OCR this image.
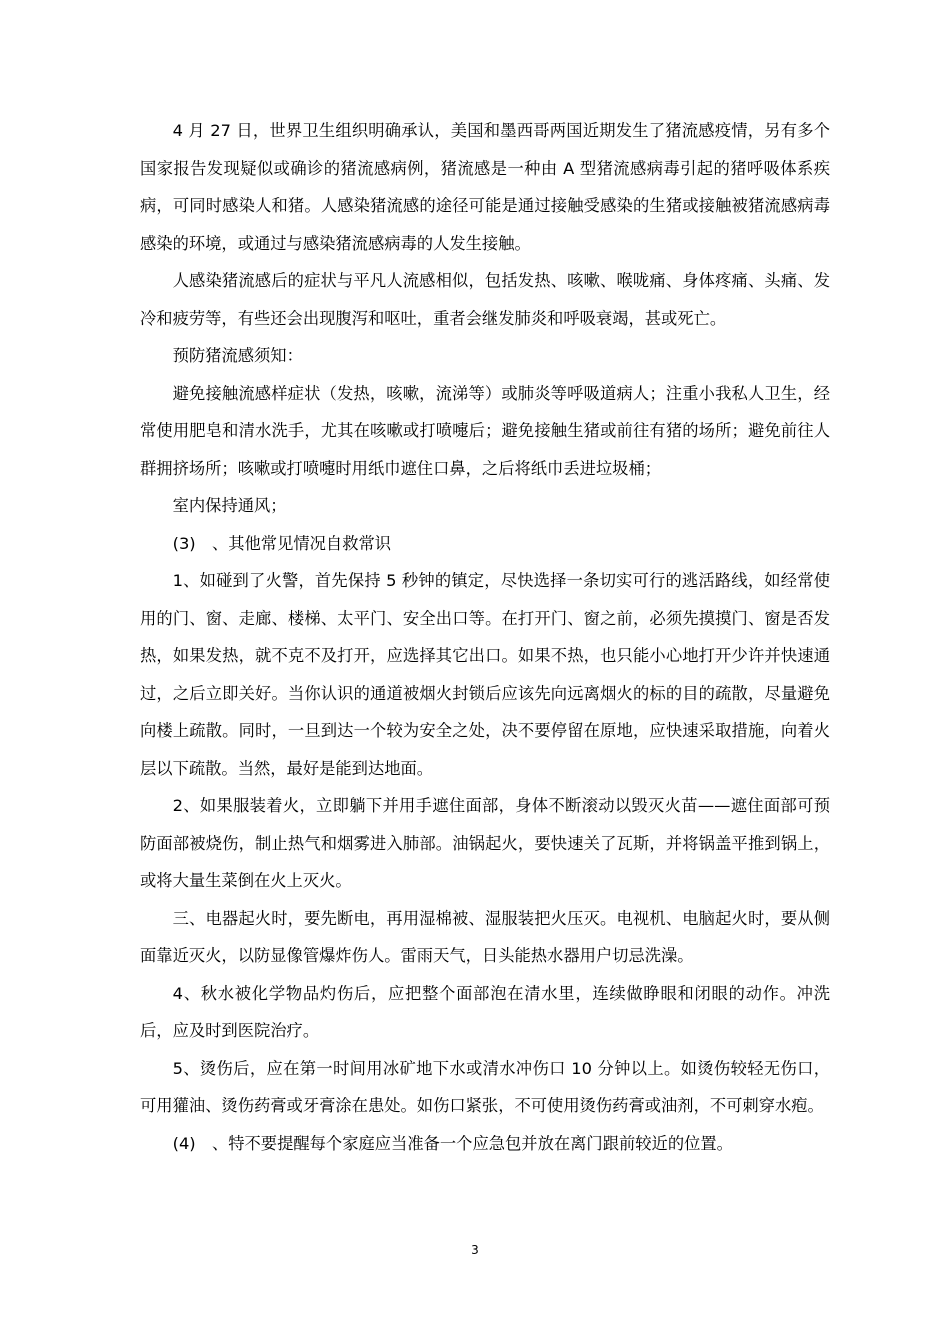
4 月 27 日，世界卫生组织明确承认，美国和墨西哥两国近期发生了猪流感疫情，另有多个国家报告发现疑似或确诊的猪流感病例，猪流感是一种由 A 型猪流感病毒引起的猪呼吸体系疾病，可同时感染人和猪。人感染猪流感的途径可能是通过接触受感染的生猪或接触被猪流感病毒感染的环境，或通过与感染猪流感病毒的人发生接触。

人感染猪流感后的症状与平凡人流感相似，包括发热、咳嗽、喉咙痛、身体疼痛、头痛、发冷和疲劳等，有些还会出现腹泻和呕吐，重者会继发肺炎和呼吸衰竭，甚或死亡。

预防猪流感须知：

避免接触流感样症状（发热，咳嗽，流涕等）或肺炎等呼吸道病人；注重小我私人卫生，经常使用肥皂和清水洗手，尤其在咳嗽或打喷嚏后；避免接触生猪或前往有猪的场所；避免前往人群拥挤场所；咳嗽或打喷嚏时用纸巾遮住口鼻，之后将纸巾丢进垃圾桶；

室内保持通风；

(3)　、其他常见情况自救常识

1、如碰到了火警，首先保持 5 秒钟的镇定，尽快选择一条切实可行的逃活路线，如经常使用的门、窗、走廊、楼梯、太平门、安全出口等。在打开门、窗之前，必须先摸摸门、窗是否发热，如果发热，就不克不及打开，应选择其它出口。如果不热，也只能小心地打开少许并快速通过，之后立即关好。当你认识的通道被烟火封锁后应该先向远离烟火的标的目的疏散，尽量避免向楼上疏散。同时，一旦到达一个较为安全之处，决不要停留在原地，应快速采取措施，向着火层以下疏散。当然，最好是能到达地面。

2、如果服装着火，立即躺下并用手遮住面部，身体不断滚动以毁灭火苗——遮住面部可预防面部被烧伤，制止热气和烟雾进入肺部。油锅起火，要快速关了瓦斯，并将锅盖平推到锅上，或将大量生菜倒在火上灭火。

三、电器起火时，要先断电，再用湿棉被、湿服装把火压灭。电视机、电脑起火时，要从侧面靠近灭火，以防显像管爆炸伤人。雷雨天气，日头能热水器用户切忌洗澡。

4、秋水被化学物品灼伤后，应把整个面部泡在清水里，连续做睁眼和闭眼的动作。冲洗后，应及时到医院治疗。

5、烫伤后，应在第一时间用冰矿地下水或清水冲伤口 10 分钟以上。如烫伤较轻无伤口，可用獾油、烫伤药膏或牙膏涂在患处。如伤口紧张，不可使用烫伤药膏或油剂，不可刺穿水疱。

(4)　、特不要提醒每个家庭应当准备一个应急包并放在离门跟前较近的位置。

3
